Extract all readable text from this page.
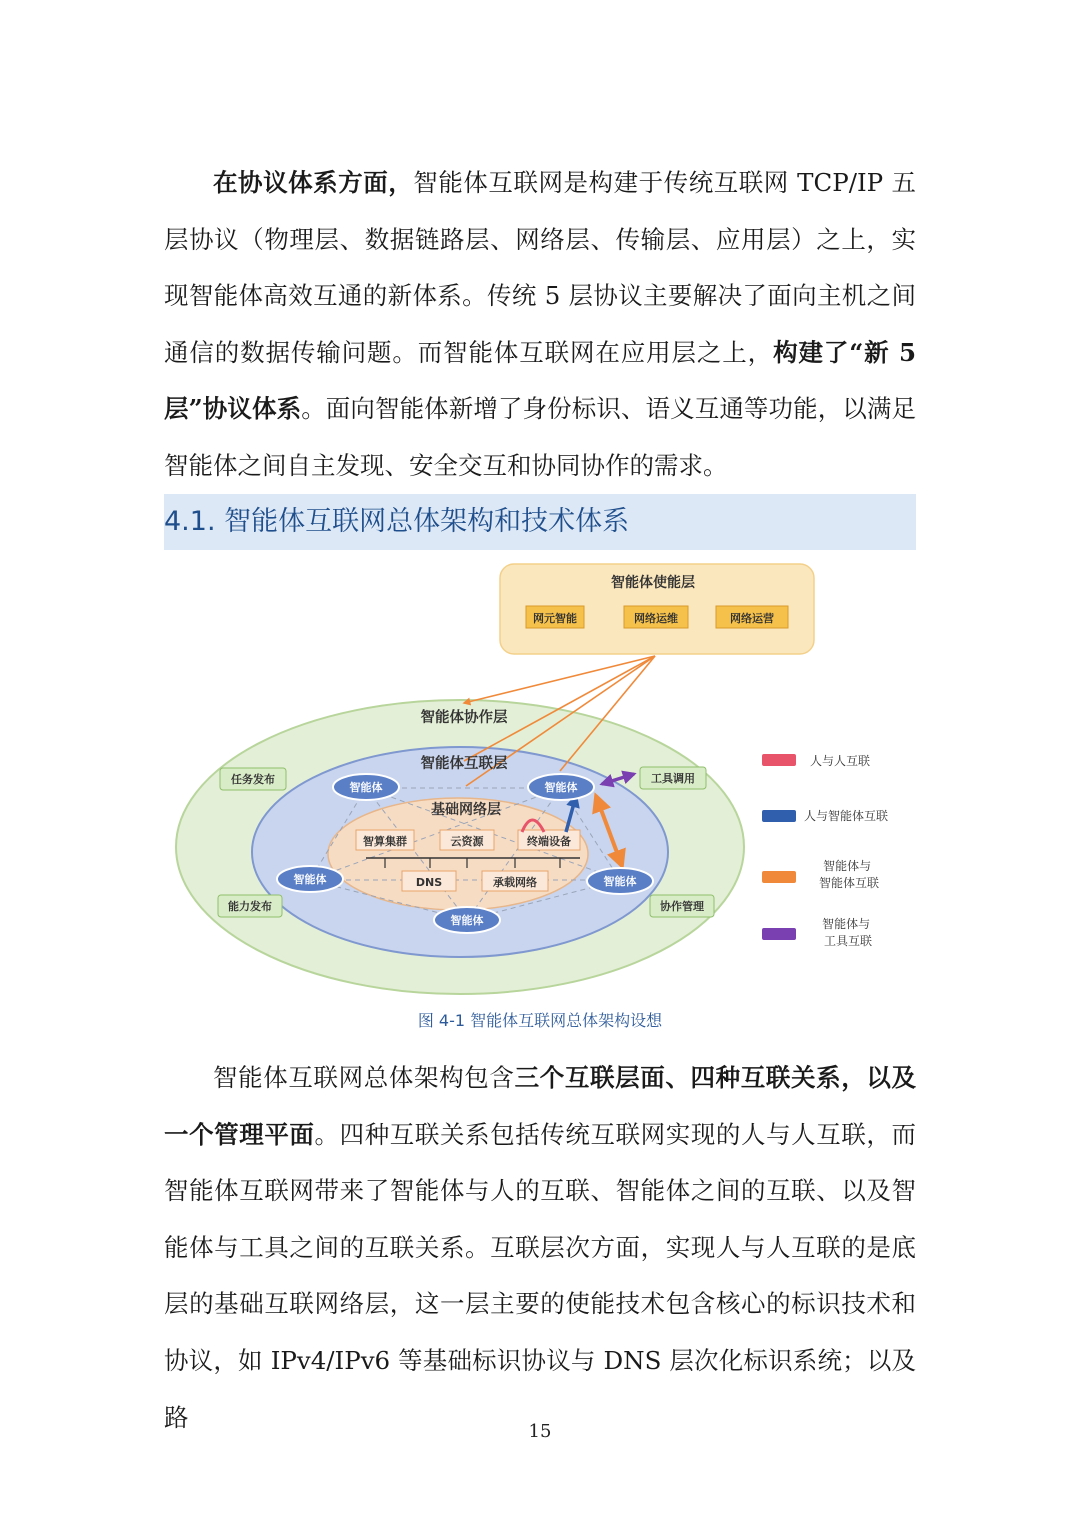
在协议体系方面，智能体互联网是构建于传统互联网 TCP/IP 五层协议（物理层、数据链路层、网络层、传输层、应用层）之上，实现智能体高效互通的新体系。传统 5 层协议主要解决了面向主机之间通信的数据传输问题。而智能体互联网在应用层之上，构建了“新 5 层”协议体系。面向智能体新增了身份标识、语义互通等功能，以满足智能体之间自主发现、安全交互和协同协作的需求。

4.1. 智能体互联网总体架构和技术体系
智能体使能层
网元智能	网络运维	网络运营
智能体协作层
智能体互联层
基础网络层
智算集群	云资源	终端设备
DNS	承载网络
智能体	智能体
智能体	智能体
智能体
任务发布
能力发布
工具调用
协作管理
人与人互联
人与智能体互联
智能体与 智能体互联
智能体与 工具互联
图 4-1 智能体互联网总体架构设想

智能体互联网总体架构包含三个互联层面、四种互联关系，以及一个管理平面。四种互联关系包括传统互联网实现的人与人互联，而智能体互联网带来了智能体与人的互联、智能体之间的互联、以及智能体与工具之间的互联关系。互联层次方面，实现人与人互联的是底层的基础互联网络层，这一层主要的使能技术包含核心的标识技术和协议，如 IPv4/IPv6 等基础标识协议与 DNS 层次化标识系统；以及路	15
